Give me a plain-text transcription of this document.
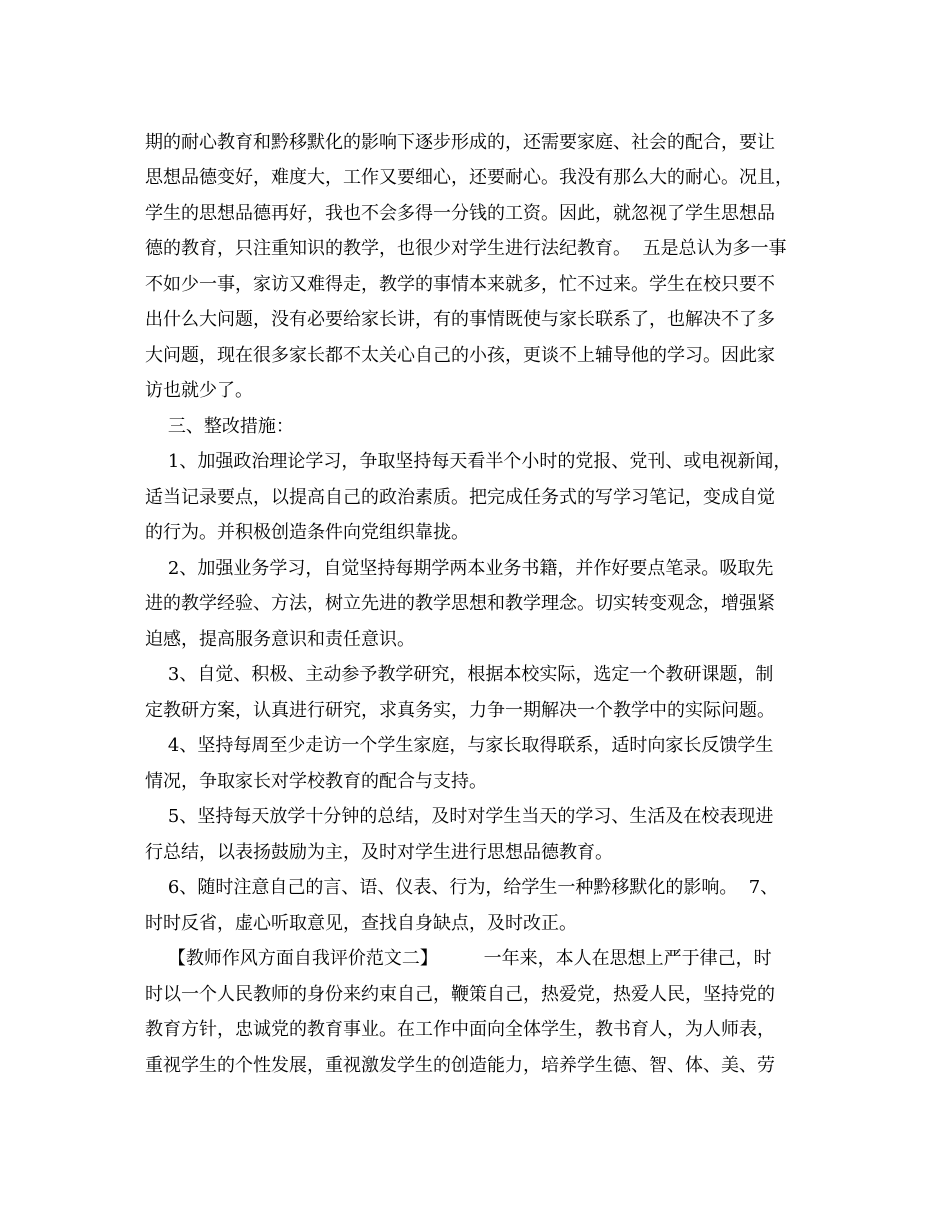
期的耐心教育和黔移默化的影响下逐步形成的，还需要家庭、社会的配合，要让
思想品德变好，难度大，工作又要细心，还要耐心。我没有那么大的耐心。况且，
学生的思想品德再好，我也不会多得一分钱的工资。因此，就忽视了学生思想品
德的教育，只注重知识的教学，也很少对学生进行法纪教育。  五是总认为多一事
不如少一事，家访又难得走，教学的事情本来就多，忙不过来。学生在校只要不
出什么大问题，没有必要给家长讲，有的事情既使与家长联系了，也解决不了多
大问题，现在很多家长都不太关心自己的小孩，更谈不上辅导他的学习。因此家
访也就少了。
三、整改措施：
1、加强政治理论学习，争取坚持每天看半个小时的党报、党刊、或电视新闻，
适当记录要点，以提高自己的政治素质。把完成任务式的写学习笔记，变成自觉
的行为。并积极创造条件向党组织靠拢。
2、加强业务学习，自觉坚持每期学两本业务书籍，并作好要点笔录。吸取先
进的教学经验、方法，树立先进的教学思想和教学理念。切实转变观念，增强紧
迫感，提高服务意识和责任意识。
3、自觉、积极、主动参予教学研究，根据本校实际，选定一个教研课题，制
定教研方案，认真进行研究，求真务实，力争一期解决一个教学中的实际问题。
4、坚持每周至少走访一个学生家庭，与家长取得联系，适时向家长反馈学生
情况，争取家长对学校教育的配合与支持。
5、坚持每天放学十分钟的总结，及时对学生当天的学习、生活及在校表现进
行总结，以表扬鼓励为主，及时对学生进行思想品德教育。
6、随时注意自己的言、语、仪表、行为，给学生一种黔移默化的影响。  7、
时时反省，虚心听取意见，查找自身缺点，及时改正。
【教师作风方面自我评价范文二】        一年来，本人在思想上严于律己，时
时以一个人民教师的身份来约束自己，鞭策自己，热爱党，热爱人民，坚持党的
教育方针，忠诚党的教育事业。在工作中面向全体学生，教书育人，为人师表，
重视学生的个性发展，重视激发学生的创造能力，培养学生德、智、体、美、劳
